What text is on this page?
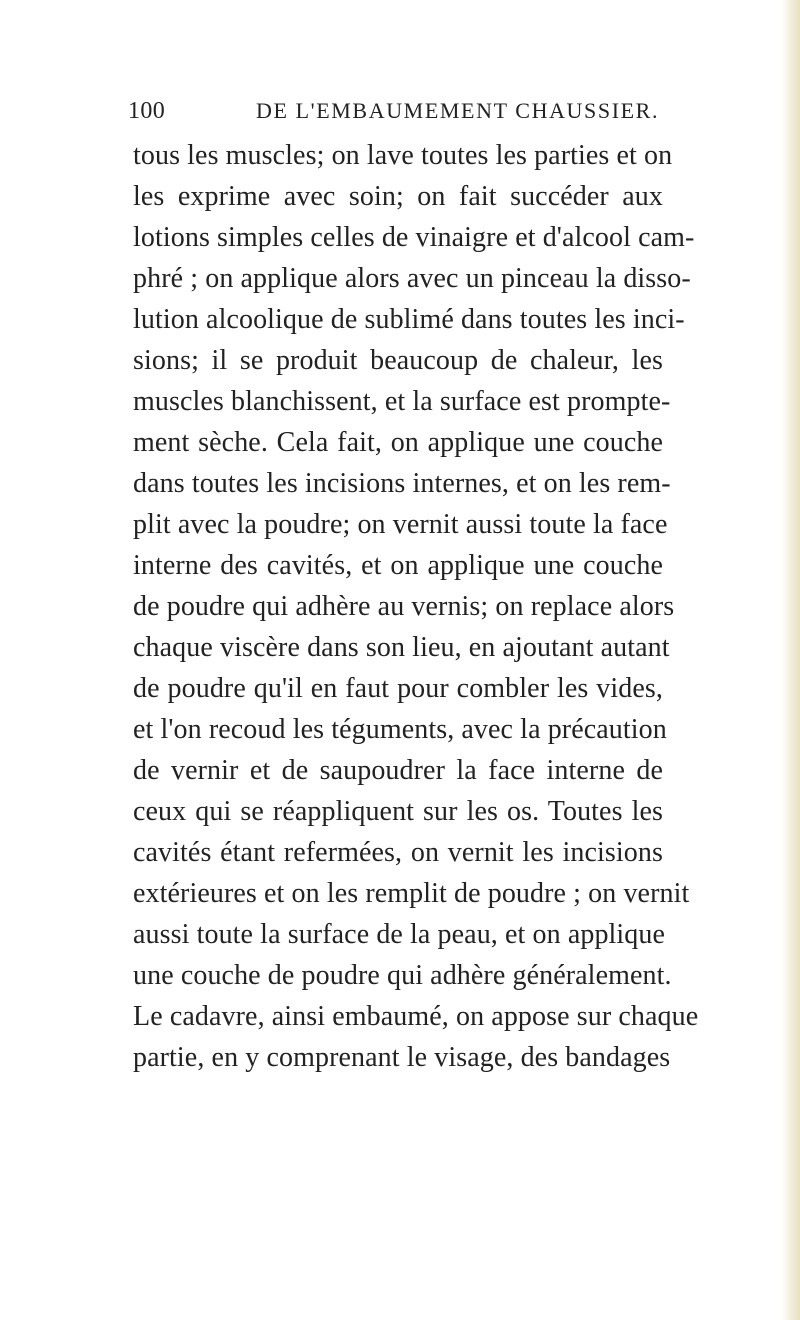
100	DE L'EMBAUMEMENT CHAUSSIER.
tous les muscles; on lave toutes les parties et on
les exprime avec soin; on fait succéder aux
lotions simples celles de vinaigre et d'alcool cam-
phré ; on applique alors avec un pinceau la disso-
lution alcoolique de sublimé dans toutes les inci-
sions; il se produit beaucoup de chaleur, les
muscles blanchissent, et la surface est prompte-
ment sèche. Cela fait, on applique une couche
dans toutes les incisions internes, et on les rem-
plit avec la poudre; on vernit aussi toute la face
interne des cavités, et on applique une couche
de poudre qui adhère au vernis; on replace alors
chaque viscère dans son lieu, en ajoutant autant
de poudre qu'il en faut pour combler les vides,
et l'on recoud les téguments, avec la précaution
de vernir et de saupoudrer la face interne de
ceux qui se réappliquent sur les os. Toutes les
cavités étant refermées, on vernit les incisions
extérieures et on les remplit de poudre ; on vernit
aussi toute la surface de la peau, et on applique
une couche de poudre qui adhère généralement.
Le cadavre, ainsi embaumé, on appose sur chaque
partie, en y comprenant le visage, des bandages
